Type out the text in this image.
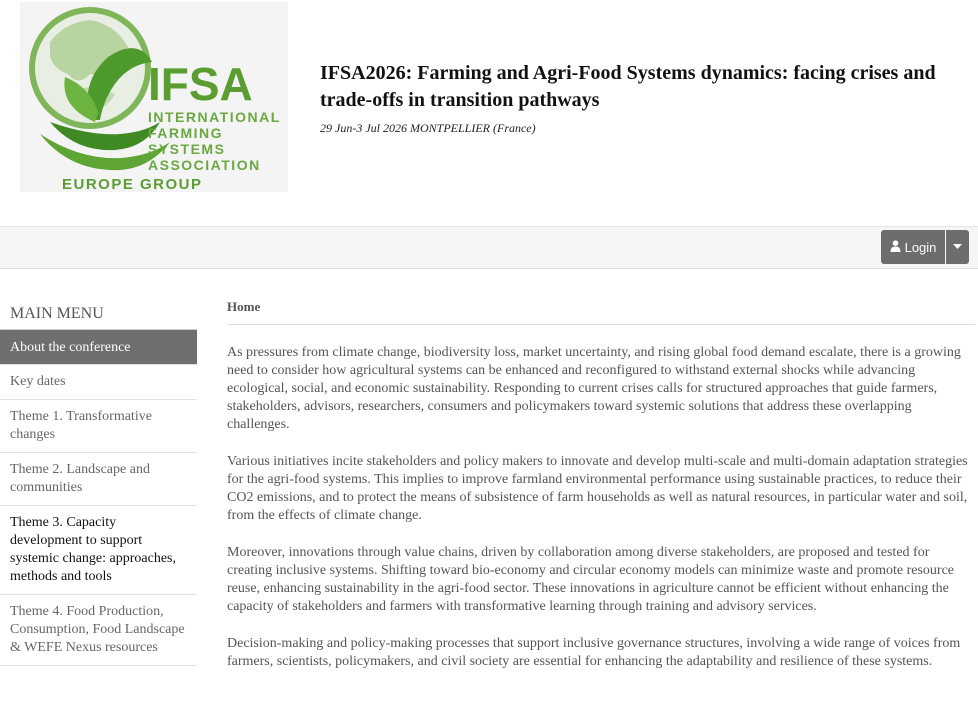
IFSA
INTERNATIONAL
FARMING
SYSTEMS
ASSOCIATION
EUROPE GROUP
IFSA2026: Farming and Agri-Food Systems dynamics: facing crises and trade-offs in transition pathways
29 Jun-3 Jul 2026 MONTPELLIER (France)
Login
MAIN MENU
About the conference
Key dates
Theme 1. Transformative changes
Theme 2. Landscape and communities
Theme 3. Capacity development to support systemic change: approaches, methods and tools
Theme 4. Food Production, Consumption, Food Landscape & WEFE Nexus resources
Home

As pressures from climate change, biodiversity loss, market uncertainty, and rising global food demand escalate, there is a growing need to consider how agricultural systems can be enhanced and reconfigured to withstand external shocks while advancing ecological, social, and economic sustainability. Responding to current crises calls for structured approaches that guide farmers, stakeholders, advisors, researchers, consumers and policymakers toward systemic solutions that address these overlapping challenges.

Various initiatives incite stakeholders and policy makers to innovate and develop multi-scale and multi-domain adaptation strategies for the agri-food systems. This implies to improve farmland environmental performance using sustainable practices, to reduce their CO2 emissions, and to protect the means of subsistence of farm households as well as natural resources, in particular water and soil, from the effects of climate change.

Moreover, innovations through value chains, driven by collaboration among diverse stakeholders, are proposed and tested for creating inclusive systems. Shifting toward bio-economy and circular economy models can minimize waste and promote resource reuse, enhancing sustainability in the agri-food sector. These innovations in agriculture cannot be efficient without enhancing the capacity of stakeholders and farmers with transformative learning through training and advisory services.

Decision-making and policy-making processes that support inclusive governance structures, involving a wide range of voices from farmers, scientists, policymakers, and civil society are essential for enhancing the adaptability and resilience of these systems.
